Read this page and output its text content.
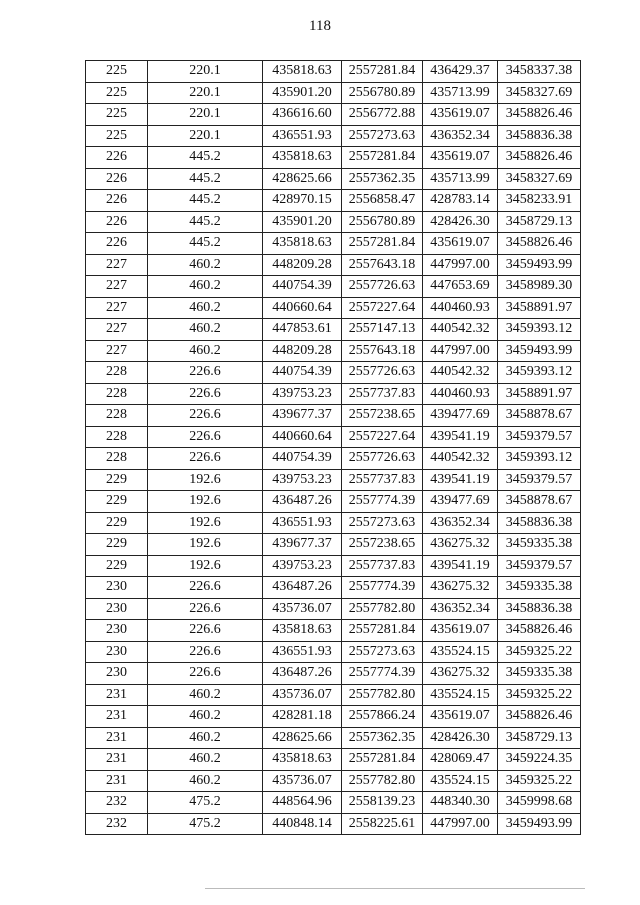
118
225	220.1	435818.63	2557281.84	436429.37	3458337.38
225	220.1	435901.20	2556780.89	435713.99	3458327.69
225	220.1	436616.60	2556772.88	435619.07	3458826.46
225	220.1	436551.93	2557273.63	436352.34	3458836.38
226	445.2	435818.63	2557281.84	435619.07	3458826.46
226	445.2	428625.66	2557362.35	435713.99	3458327.69
226	445.2	428970.15	2556858.47	428783.14	3458233.91
226	445.2	435901.20	2556780.89	428426.30	3458729.13
226	445.2	435818.63	2557281.84	435619.07	3458826.46
227	460.2	448209.28	2557643.18	447997.00	3459493.99
227	460.2	440754.39	2557726.63	447653.69	3458989.30
227	460.2	440660.64	2557227.64	440460.93	3458891.97
227	460.2	447853.61	2557147.13	440542.32	3459393.12
227	460.2	448209.28	2557643.18	447997.00	3459493.99
228	226.6	440754.39	2557726.63	440542.32	3459393.12
228	226.6	439753.23	2557737.83	440460.93	3458891.97
228	226.6	439677.37	2557238.65	439477.69	3458878.67
228	226.6	440660.64	2557227.64	439541.19	3459379.57
228	226.6	440754.39	2557726.63	440542.32	3459393.12
229	192.6	439753.23	2557737.83	439541.19	3459379.57
229	192.6	436487.26	2557774.39	439477.69	3458878.67
229	192.6	436551.93	2557273.63	436352.34	3458836.38
229	192.6	439677.37	2557238.65	436275.32	3459335.38
229	192.6	439753.23	2557737.83	439541.19	3459379.57
230	226.6	436487.26	2557774.39	436275.32	3459335.38
230	226.6	435736.07	2557782.80	436352.34	3458836.38
230	226.6	435818.63	2557281.84	435619.07	3458826.46
230	226.6	436551.93	2557273.63	435524.15	3459325.22
230	226.6	436487.26	2557774.39	436275.32	3459335.38
231	460.2	435736.07	2557782.80	435524.15	3459325.22
231	460.2	428281.18	2557866.24	435619.07	3458826.46
231	460.2	428625.66	2557362.35	428426.30	3458729.13
231	460.2	435818.63	2557281.84	428069.47	3459224.35
231	460.2	435736.07	2557782.80	435524.15	3459325.22
232	475.2	448564.96	2558139.23	448340.30	3459998.68
232	475.2	440848.14	2558225.61	447997.00	3459493.99
